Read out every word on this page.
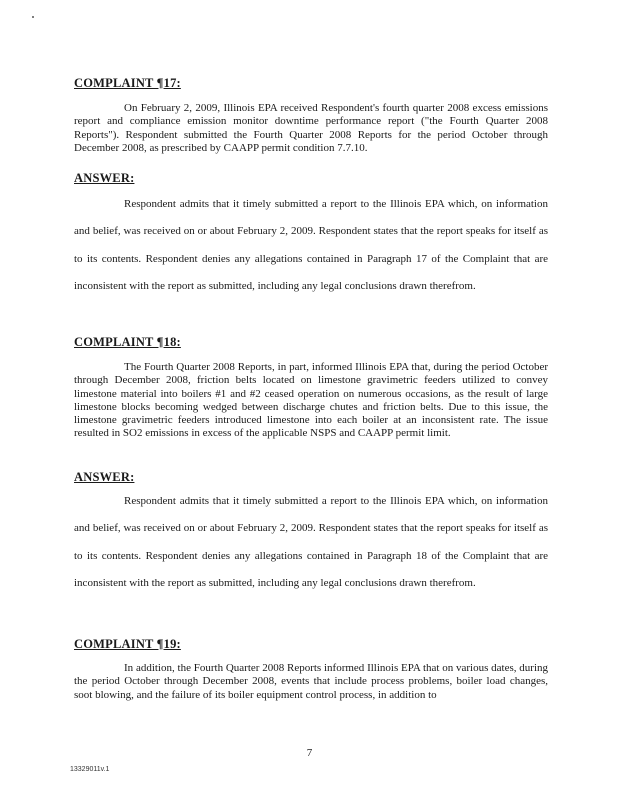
COMPLAINT ¶17:

On February 2, 2009, Illinois EPA received Respondent's fourth quarter 2008 excess emissions report and compliance emission monitor downtime performance report ("the Fourth Quarter 2008 Reports"). Respondent submitted the Fourth Quarter 2008 Reports for the period October through December 2008, as prescribed by CAAPP permit condition 7.7.10.

ANSWER:

Respondent admits that it timely submitted a report to the Illinois EPA which, on information and belief, was received on or about February 2, 2009. Respondent states that the report speaks for itself as to its contents. Respondent denies any allegations contained in Paragraph 17 of the Complaint that are inconsistent with the report as submitted, including any legal conclusions drawn therefrom.

COMPLAINT ¶18:

The Fourth Quarter 2008 Reports, in part, informed Illinois EPA that, during the period October through December 2008, friction belts located on limestone gravimetric feeders utilized to convey limestone material into boilers #1 and #2 ceased operation on numerous occasions, as the result of large limestone blocks becoming wedged between discharge chutes and friction belts. Due to this issue, the limestone gravimetric feeders introduced limestone into each boiler at an inconsistent rate. The issue resulted in SO2 emissions in excess of the applicable NSPS and CAAPP permit limit.

ANSWER:

Respondent admits that it timely submitted a report to the Illinois EPA which, on information and belief, was received on or about February 2, 2009. Respondent states that the report speaks for itself as to its contents. Respondent denies any allegations contained in Paragraph 18 of the Complaint that are inconsistent with the report as submitted, including any legal conclusions drawn therefrom.

COMPLAINT ¶19:

In addition, the Fourth Quarter 2008 Reports informed Illinois EPA that on various dates, during the period October through December 2008, events that include process problems, boiler load changes, soot blowing, and the failure of its boiler equipment control process, in addition to

7
13329011v.1
